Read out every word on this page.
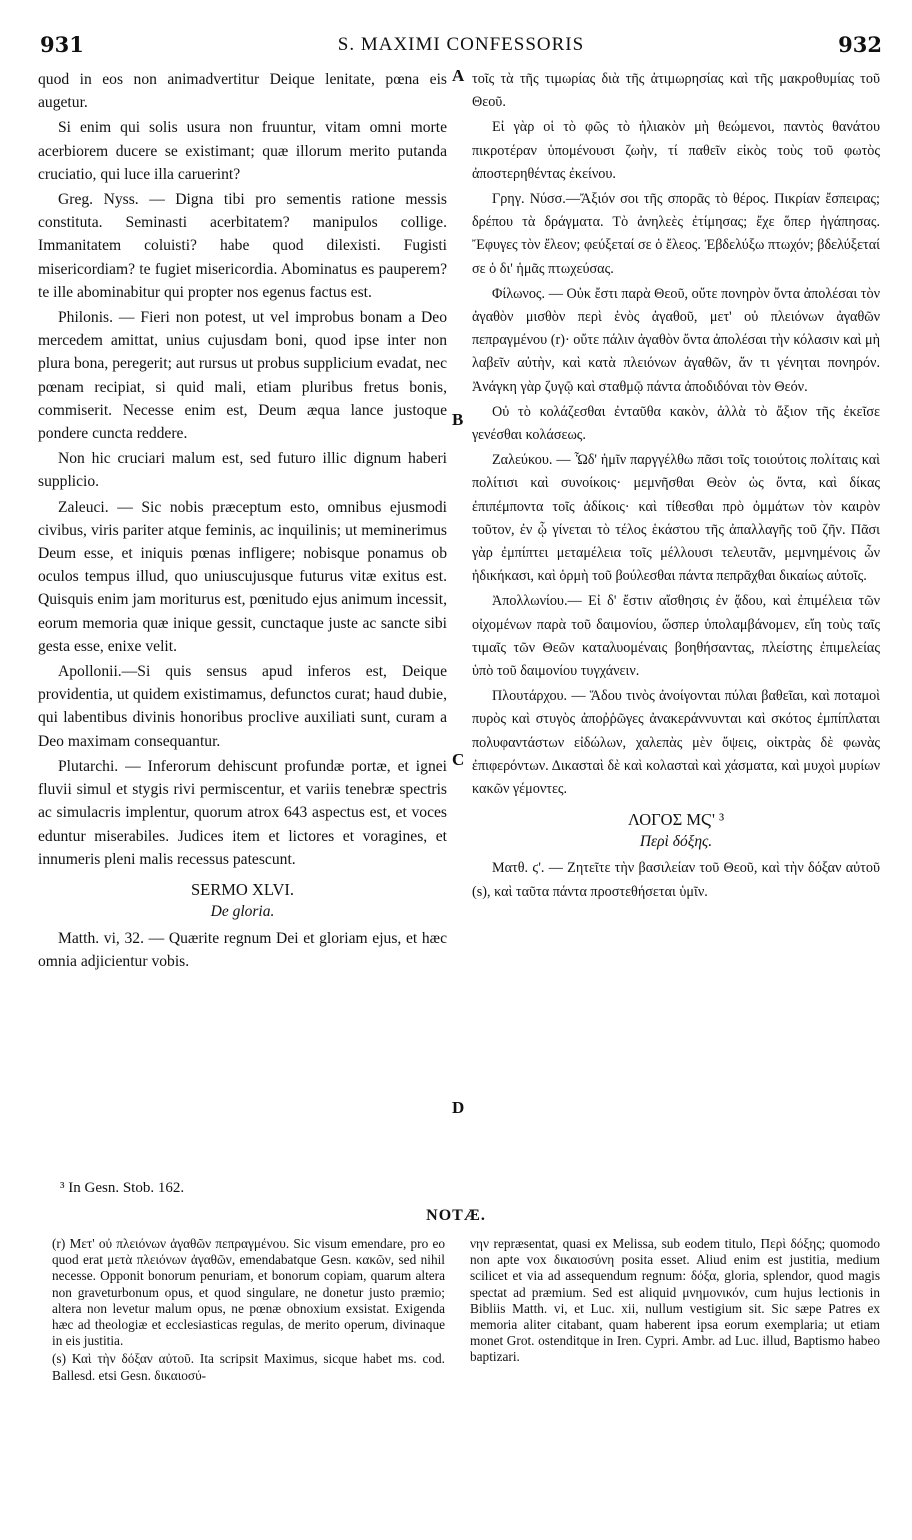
931	S. MAXIMI CONFESSORIS	932
A
B
C
D

quod in eos non animadvertitur Deique lenitate, pœna eis augetur.

Si enim qui solis usura non fruuntur, vitam omni morte acerbiorem ducere se existimant; quæ illorum merito putanda cruciatio, qui luce illa caruerint?

Greg. Nyss. — Digna tibi pro sementis ratione messis constituta. Seminasti acerbitatem? manipulos collige. Immanitatem coluisti? habe quod dilexisti. Fugisti misericordiam? te fugiet misericordia. Abominatus es pauperem? te ille abominabitur qui propter nos egenus factus est.

Philonis. — Fieri non potest, ut vel improbus bonam a Deo mercedem amittat, unius cujusdam boni, quod ipse inter non plura bona, peregerit; aut rursus ut probus supplicium evadat, nec pœnam recipiat, si quid mali, etiam pluribus fretus bonis, commiserit. Necesse enim est, Deum æqua lance justoque pondere cuncta reddere.

Non hic cruciari malum est, sed futuro illic dignum haberi supplicio.

Zaleuci. — Sic nobis præceptum esto, omnibus ejusmodi civibus, viris pariter atque feminis, ac inquilinis; ut meminerimus Deum esse, et iniquis pœnas infligere; nobisque ponamus ob oculos tempus illud, quo uniuscujusque futurus vitæ exitus est. Quisquis enim jam moriturus est, pœnitudo ejus animum incessit, eorum memoria quæ inique gessit, cunctaque juste ac sancte sibi gesta esse, enixe velit.

Apollonii.—Si quis sensus apud inferos est, Deique providentia, ut quidem existimamus, defunctos curat; haud dubie, qui labentibus divinis honoribus proclive auxiliati sunt, curam a Deo maximam consequantur.

Plutarchi. — Inferorum dehiscunt profundæ portæ, et ignei fluvii simul et stygis rivi permiscentur, et variis tenebræ spectris ac simulacris implentur, quorum atrox 643 aspectus est, et voces eduntur miserabiles. Judices item et lictores et voragines, et innumeris pleni malis recessus patescunt.

SERMO XLVI.
De gloria.

Matth. vi, 32. — Quærite regnum Dei et gloriam ejus, et hæc omnia adjicientur vobis.

τοῖς τὰ τῆς τιμωρίας διὰ τῆς ἀτιμωρησίας καὶ τῆς μακροθυμίας τοῦ Θεοῦ.

Εἰ γὰρ οἱ τὸ φῶς τὸ ἡλιακὸν μὴ θεώμενοι, παντὸς θανάτου πικροτέραν ὑπομένουσι ζωὴν, τί παθεῖν εἰκὸς τοὺς τοῦ φωτὸς ἀποστερηθέντας ἐκείνου.

Γρηγ. Νύσσ.—Ἄξιόν σοι τῆς σπορᾶς τὸ θέρος. Πικρίαν ἔσπειρας; δρέπου τὰ δράγματα. Τὸ ἀνηλεὲς ἐτίμησας; ἔχε ὅπερ ἠγάπησας. Ἔφυγες τὸν ἔλεον; φεύξεταί σε ὁ ἔλεος. Ἐβδελύξω πτωχόν; βδελύξεταί σε ὁ δι' ἡμᾶς πτωχεύσας.

Φίλωνος. — Οὐκ ἔστι παρὰ Θεοῦ, οὔτε πονηρὸν ὄντα ἀπολέσαι τὸν ἀγαθὸν μισθὸν περὶ ἑνὸς ἀγαθοῦ, μετ' οὐ πλειόνων ἀγαθῶν πεπραγμένου (r)· οὔτε πάλιν ἀγαθὸν ὄντα ἀπολέσαι τὴν κόλασιν καὶ μὴ λαβεῖν αὐτὴν, καὶ κατὰ πλειόνων ἀγαθῶν, ἄν τι γένηται πονηρόν. Ἀνάγκη γὰρ ζυγῷ καὶ σταθμῷ πάντα ἀποδιδόναι τὸν Θεόν.

Οὐ τὸ κολάζεσθαι ἐνταῦθα κακὸν, ἀλλὰ τὸ ἄξιον τῆς ἐκεῖσε γενέσθαι κολάσεως.

Ζαλεύκου. — Ὧδ' ἡμῖν παργγέλθω πᾶσι τοῖς τοιούτοις πολίταις καὶ πολίτισι καὶ συνοίκοις· μεμνῆσθαι Θεὸν ὡς ὄντα, καὶ δίκας ἐπιπέμποντα τοῖς ἀδίκοις· καὶ τίθεσθαι πρὸ ὀμμάτων τὸν καιρὸν τοῦτον, ἐν ᾧ γίνεται τὸ τέλος ἑκάστου τῆς ἀπαλλαγῆς τοῦ ζῆν. Πᾶσι γὰρ ἐμπίπτει μεταμέλεια τοῖς μέλλουσι τελευτᾶν, μεμνημένοις ὧν ἠδικήκασι, καὶ ὁρμὴ τοῦ βούλεσθαι πάντα πεπρᾶχθαι δικαίως αὐτοῖς.

Ἀπολλωνίου.— Εἰ δ' ἔστιν αἴσθησις ἐν ᾅδου, καὶ ἐπιμέλεια τῶν οἰχομένων παρὰ τοῦ δαιμονίου, ὥσπερ ὑπολαμβάνομεν, εἴη τοὺς ταῖς τιμαῖς τῶν Θεῶν καταλυομέναις βοηθήσαντας, πλείστης ἐπιμελείας ὑπὸ τοῦ δαιμονίου τυγχάνειν.

Πλουτάρχου. — Ἅδου τινὸς ἀνοίγονται πύλαι βαθεῖαι, καὶ ποταμοὶ πυρὸς καὶ στυγὸς ἀποῤῥῶγες ἀνακεράννυνται καὶ σκότος ἐμπίπλαται πολυφαντάστων εἰδώλων, χαλεπὰς μὲν ὄψεις, οἰκτρὰς δὲ φωνὰς ἐπιφερόντων. Δικασταὶ δὲ καὶ κολασταὶ καὶ χάσματα, καὶ μυχοὶ μυρίων κακῶν γέμοντες.

ΛΟΓΟΣ ΜϚ' ³
Περὶ δόξης.

Ματθ. ϛ'. — Ζητεῖτε τὴν βασιλείαν τοῦ Θεοῦ, καὶ τὴν δόξαν αὐτοῦ (s), καὶ ταῦτα πάντα προστεθήσεται ὑμῖν.

³ In Gesn. Stob. 162.
NOTÆ.

(r) Μετ' οὐ πλειόνων ἀγαθῶν πεπραγμένου. Sic visum emendare, pro eo quod erat μετὰ πλειόνων ἀγαθῶν, emendabatque Gesn. κακῶν, sed nihil necesse. Opponit bonorum penuriam, et bonorum copiam, quarum altera non graveturbonum opus, et quod singulare, ne donetur justo præmio; altera non levetur malum opus, ne pœnæ obnoxium exsistat. Exigenda hæc ad theologiæ et ecclesiasticas regulas, de merito operum, divinaque in eis justitia.

(s) Καὶ τὴν δόξαν αὐτοῦ. Ita scripsit Maximus, sicque habet ms. cod. Ballesd. etsi Gesn. δικαιοσύ-

νην repræsentat, quasi ex Melissa, sub eodem titulo, Περὶ δόξης; quomodo non apte vox δικαιοσύνη posita esset. Aliud enim est justitia, medium scilicet et via ad assequendum regnum: δόξα, gloria, splendor, quod magis spectat ad præmium. Sed est aliquid μνημονικόν, cum hujus lectionis in Bibliis Matth. vi, et Luc. xii, nullum vestigium sit. Sic sæpe Patres ex memoria aliter citabant, quam haberent ipsa eorum exemplaria; ut etiam monet Grot. ostenditque in Iren. Cypri. Ambr. ad Luc. illud, Baptismo habeo baptizari.
